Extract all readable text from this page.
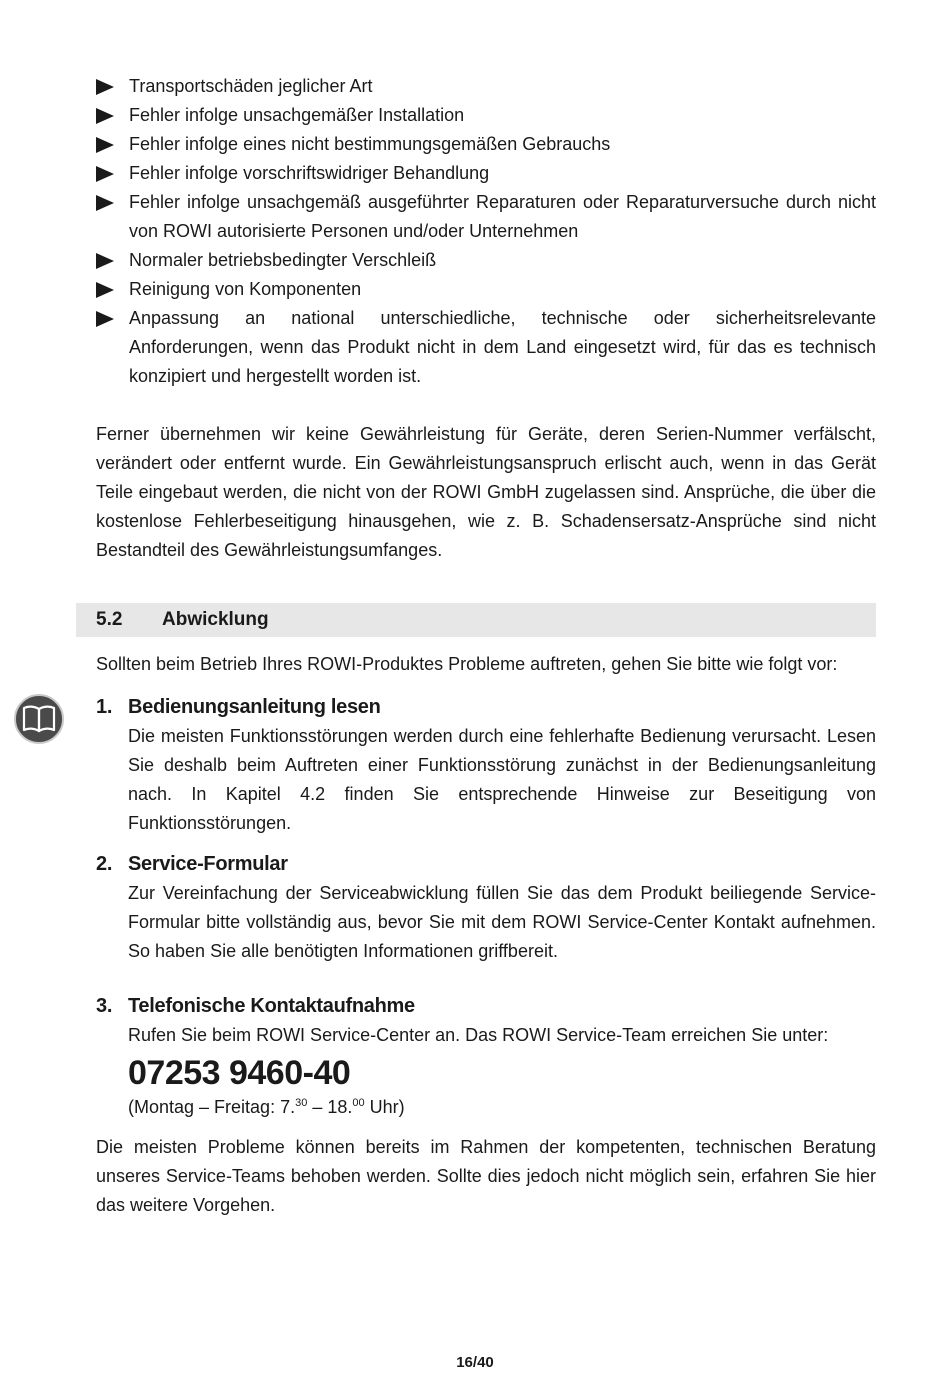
Transportschäden jeglicher Art
Fehler infolge unsachgemäßer Installation
Fehler infolge eines nicht bestimmungsgemäßen Gebrauchs
Fehler infolge vorschriftswidriger Behandlung
Fehler infolge unsachgemäß ausgeführter Reparaturen oder Reparaturversuche durch nicht von ROWI autorisierte Personen und/oder Unternehmen
Normaler betriebsbedingter Verschleiß
Reinigung von Komponenten
Anpassung an national unterschiedliche, technische oder sicherheitsrelevante Anforderungen, wenn das Produkt nicht in dem Land eingesetzt wird, für das es technisch konzipiert und hergestellt worden ist.

Ferner übernehmen wir keine Gewährleistung für Geräte, deren Serien-Nummer verfälscht, verändert oder entfernt wurde. Ein Gewährleistungsanspruch erlischt auch, wenn in das Gerät Teile eingebaut werden, die nicht von der ROWI GmbH zugelassen sind. Ansprüche, die über die kostenlose Fehlerbeseitigung hinausgehen, wie z. B. Schadensersatz-Ansprüche sind nicht Bestandteil des Gewährleistungsumfanges.

5.2 Abwicklung

Sollten beim Betrieb Ihres ROWI-Produktes Probleme auftreten, gehen Sie bitte wie folgt vor:

1. Bedienungsanleitung lesen
Die meisten Funktionsstörungen werden durch eine fehlerhafte Bedienung verursacht. Lesen Sie deshalb beim Auftreten einer Funktionsstörung zunächst in der Bedienungsanleitung nach. In Kapitel 4.2 finden Sie entsprechende Hinweise zur Beseitigung von Funktionsstörungen.
2. Service-Formular
Zur Vereinfachung der Serviceabwicklung füllen Sie das dem Produkt beiliegende Service-Formular bitte vollständig aus, bevor Sie mit dem ROWI Service-Center Kontakt aufnehmen. So haben Sie alle benötigten Informationen griffbereit.
3. Telefonische Kontaktaufnahme
Rufen Sie beim ROWI Service-Center an. Das ROWI Service-Team erreichen Sie unter:
07253 9460-40
(Montag – Freitag: 7.30 – 18.00 Uhr)

Die meisten Probleme können bereits im Rahmen der kompetenten, technischen Beratung unseres Service-Teams behoben werden. Sollte dies jedoch nicht möglich sein, erfahren Sie hier das weitere Vorgehen.

16/40
